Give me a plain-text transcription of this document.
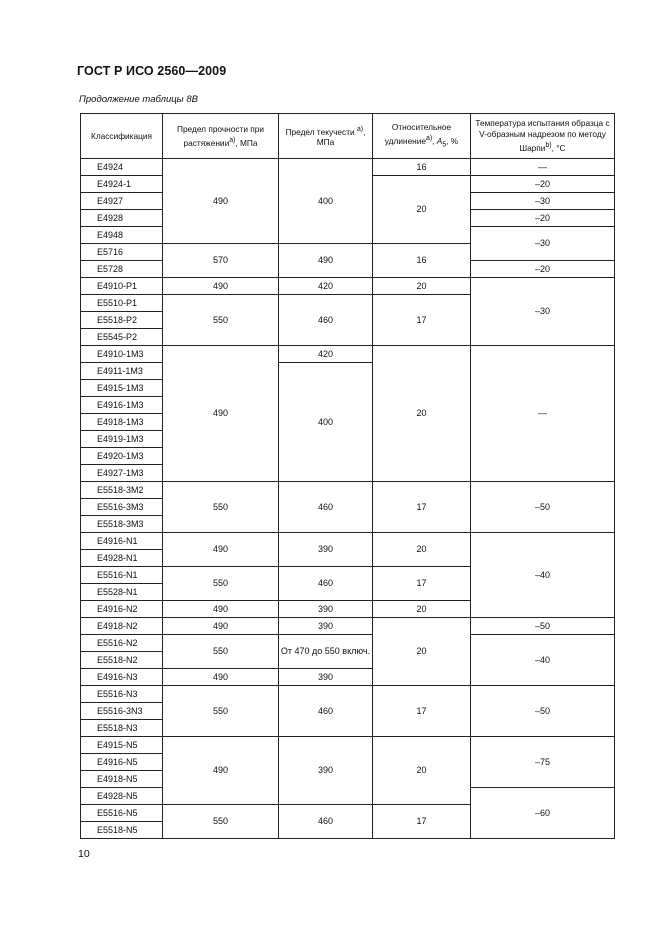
ГОСТ Р ИСО 2560—2009
Продолжение таблицы 8В
Классификация	Предел прочности при растяжении$^{а)}$, МПа	Предел текучести $^{а)}$, МПа	Относительное удлинение$^{а)}$, $A_5$, %	Температура испытания образца с V-образным надрезом по методу Шарпи$^{b)}$, °C
E4924	490	400	16	—
E4924-1			20	–20
E4927				–30
E4928				–20
E4948				–30
E5716	570	490	16	
E5728				–20
E4910-P1	490	420	20	–30
E5510-P1	550	460	17	
E5518-P2				
E5545-P2				
E4910-1M3	490	420	20	—
E4911-1M3		400		
E4915-1M3				
E4916-1M3				
E4918-1M3				
E4919-1M3				
E4920-1M3				
E4927-1M3				
E5518-3M2	550	460	17	–50
E5516-3M3				
E5518-3M3				
E4916-N1	490	390	20	–40
E4928-N1				
E5516-N1	550	460	17	
E5528-N1				
E4916-N2	490	390	20	
E4918-N2	490	390	20	–50
E5516-N2	550	От 470 до 550 включ.		–40
E5518-N2				
E4916-N3	490	390		
E5516-N3	550	460	17	–50
E5516-3N3				
E5518-N3				
E4915-N5	490	390	20	–75
E4916-N5				
E4918-N5				
E4928-N5				–60
E5516-N5	550	460	17	
E5518-N5				
10
